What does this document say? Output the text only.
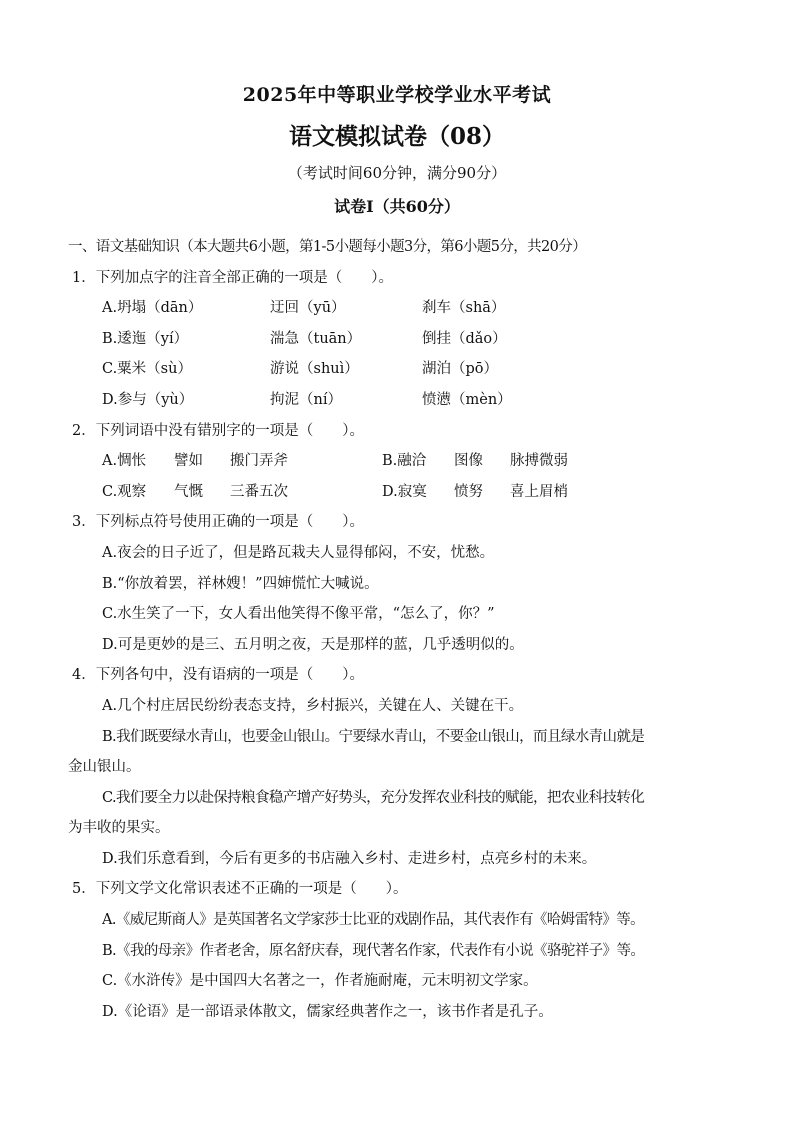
2025年中等职业学校学业水平考试
语文模拟试卷（08）
（考试时间60分钟，满分90分）
试卷Ⅰ（共60分）
一、语文基础知识（本大题共6小题，第1-5小题每小题3分，第6小题5分，共20分）
1．下列加点字的注音全部正确的一项是（　　）。
A.坍塌（dān）	迂回（yū）	刹车（shā）
B.逶迤（yí）	湍急（tuān）	倒挂（dǎo）
C.粟米（sù）	游说（shuì）	湖泊（pō）
D.参与（yù）	拘泥（ní）	愤懑（mèn）
2．下列词语中没有错别字的一项是（　　）。
A.惆怅 譬如 搬门弄斧	B.融洽 图像 脉搏微弱
C.观察 气慨 三番五次	D.寂寞 愤努 喜上眉梢
3．下列标点符号使用正确的一项是（　　）。
A.夜会的日子近了，但是路瓦栽夫人显得郁闷，不安，忧愁。
B.“你放着罢，祥林嫂！”四婶慌忙大喊说。
C.水生笑了一下，女人看出他笑得不像平常，“怎么了，你？”
D.可是更妙的是三、五月明之夜，天是那样的蓝，几乎透明似的。
4．下列各句中，没有语病的一项是（　　）。
A.几个村庄居民纷纷表态支持，乡村振兴，关键在人、关键在干。
B.我们既要绿水青山，也要金山银山。宁要绿水青山，不要金山银山，而且绿水青山就是
金山银山。
C.我们要全力以赴保持粮食稳产增产好势头，充分发挥农业科技的赋能，把农业科技转化
为丰收的果实。
D.我们乐意看到，今后有更多的书店融入乡村、走进乡村，点亮乡村的未来。
5．下列文学文化常识表述不正确的一项是（　　）。
A.《威尼斯商人》是英国著名文学家莎士比亚的戏剧作品，其代表作有《哈姆雷特》等。
B.《我的母亲》作者老舍，原名舒庆春，现代著名作家，代表作有小说《骆驼祥子》等。
C.《水浒传》是中国四大名著之一，作者施耐庵，元末明初文学家。
D.《论语》是一部语录体散文，儒家经典著作之一，该书作者是孔子。
